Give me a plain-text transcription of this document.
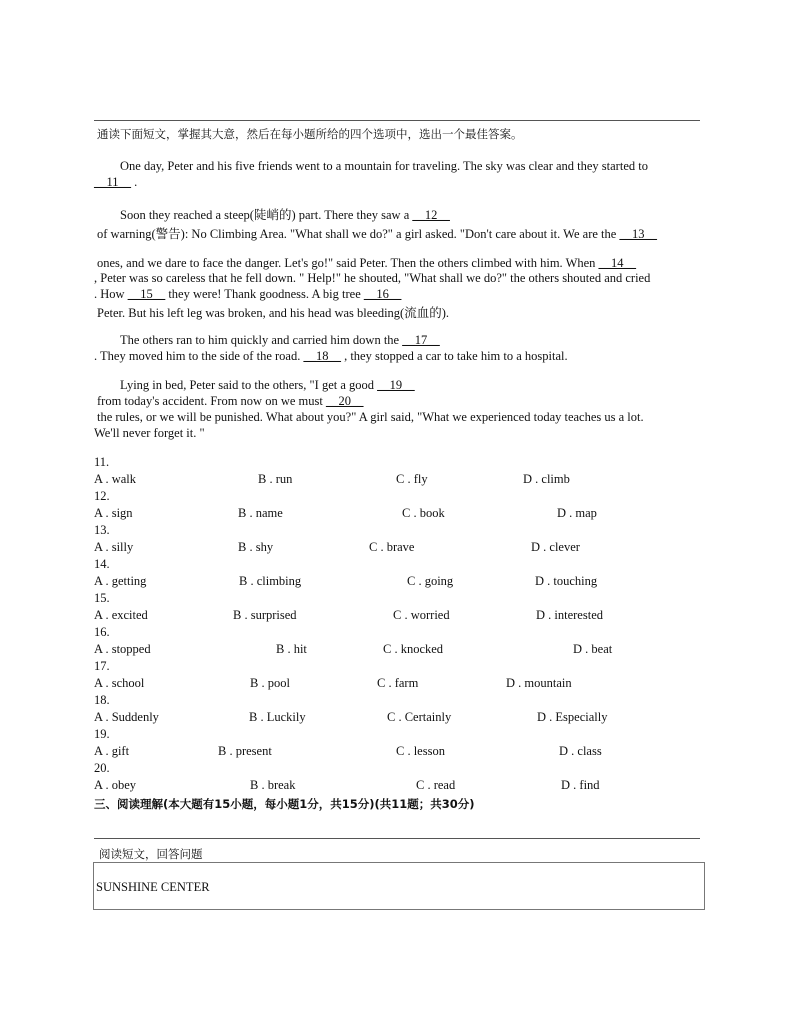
通读下面短文，掌握其大意，然后在每小题所给的四个选项中，选出一个最佳答案。
One day, Peter and his five friends went to a mountain for traveling. The sky was clear and they started to
__11__ .
Soon they reached a steep(陡峭的) part. There they saw a __12__
of warning(警告): No Climbing Area. "What shall we do?" a girl asked. "Don't care about it. We are the __13__
ones, and we dare to face the danger. Let's go!" said Peter. Then the others climbed with him. When __14__
, Peter was so careless that he fell down. " Help!" he shouted, "What shall we do?" the others shouted and cried
. How __15__ they were! Thank goodness. A big tree __16__
Peter. But his left leg was broken, and his head was bleeding(流血的).
The others ran to him quickly and carried him down the __17__
. They moved him to the side of the road. __18__ , they stopped a car to take him to a hospital.
Lying in bed, Peter said to the others, "I get a good __19__
from today's accident. From now on we must __20__
the rules, or we will be punished. What about you?" A girl said, "What we experienced today teaches us a lot.
We'll never forget it. "
11.
A . walk	B . run	C . fly	D . climb
12.
A . sign	B . name	C . book	D . map
13.
A . silly	B . shy	C . brave	D . clever
14.
A . getting	B . climbing	C . going	D . touching
15.
A . excited	B . surprised	C . worried	D . interested
16.
A . stopped	B . hit	C . knocked	D . beat
17.
A . school	B . pool	C . farm	D . mountain
18.
A . Suddenly	B . Luckily	C . Certainly	D . Especially
19.
A . gift	B . present	C . lesson	D . class
20.
A . obey	B . break	C . read	D . find
三、阅读理解(本大题有15小题，每小题1分，共15分)(共11题；共30分)
阅读短文，回答问题
SUNSHINE CENTER
